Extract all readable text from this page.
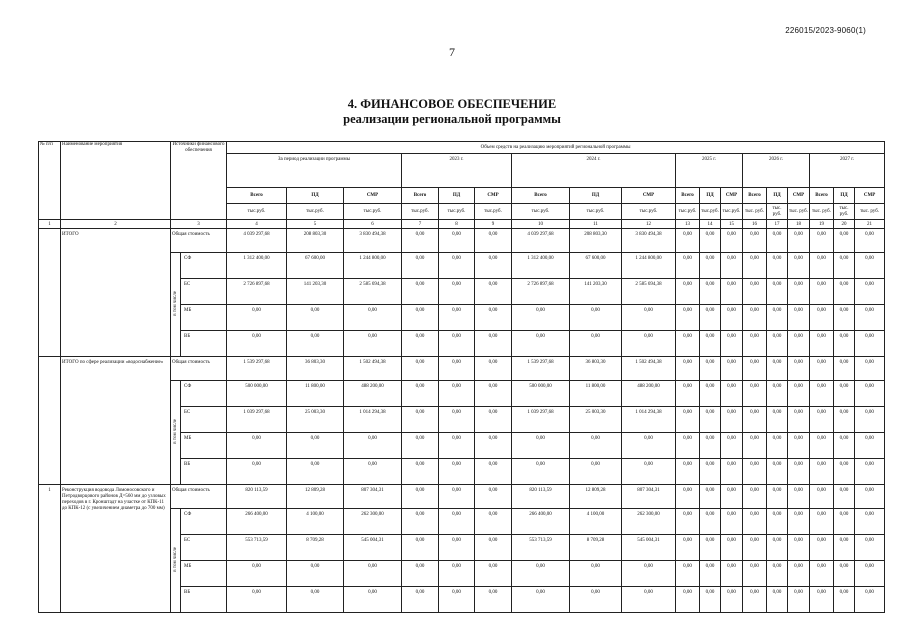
226015/2023-9060(1)
7
4. ФИНАНСОВОЕ ОБЕСПЕЧЕНИЕ
реализации региональной программы
№ п/п	Наименование мероприятия	Источники финансового обеспечения		Объем средств на реализацию мероприятий региональной программы																	
				За период реализации программы			2023 г.			2024 г.			2025 г.			2026 г.			2027 г.		
				Всего	ПД	СМР	Всего	ПД	СМР	Всего	ПД	СМР	Всего	ПД	СМР	Всего	ПД	СМР	Всего	ПД	СМР
				тыс.руб.	тыс.руб.	тыс.руб.	тыс.руб.	тыс.руб.	тыс.руб.	тыс.руб.	тыс.руб.	тыс.руб.	тыс.руб.	тыс.руб.	тыс.руб.	тыс. руб.	тыс. руб.	тыс. руб.	тыс. руб.	тыс. руб.	тыс. руб.
1	2	3		4	5	6	7	8	9	10	11	12	13	14	15	16	17	18	19	20	21
	ИТОГО	Общая стоимость		4 039 297,68	208 803,30	3 830 494,38	0,00	0,00	0,00	4 039 297,68	208 803,30	3 830 494,38	0,00	0,00	0,00	0,00	0,00	0,00	0,00	0,00	0,00
		в том числе	СФ	1 312 400,00	67 600,00	1 244 800,00	0,00	0,00	0,00	1 312 400,00	67 600,00	1 244 800,00	0,00	0,00	0,00	0,00	0,00	0,00	0,00	0,00	0,00
			БС	2 726 897,68	141 203,30	2 585 694,38	0,00	0,00	0,00	2 726 897,68	141 203,30	2 585 694,38	0,00	0,00	0,00	0,00	0,00	0,00	0,00	0,00	0,00
			МБ	0,00	0,00	0,00	0,00	0,00	0,00	0,00	0,00	0,00	0,00	0,00	0,00	0,00	0,00	0,00	0,00	0,00	0,00
			ВБ	0,00	0,00	0,00	0,00	0,00	0,00	0,00	0,00	0,00	0,00	0,00	0,00	0,00	0,00	0,00	0,00	0,00	0,00
	ИТОГО по сфере реализации «водоснабжение»	Общая стоимость		1 539 297,68	36 803,30	1 502 494,38	0,00	0,00	0,00	1 539 297,68	36 803,30	1 502 494,38	0,00	0,00	0,00	0,00	0,00	0,00	0,00	0,00	0,00
		в том числе	СФ	500 000,00	11 800,00	488 200,00	0,00	0,00	0,00	500 000,00	11 800,00	488 200,00	0,00	0,00	0,00	0,00	0,00	0,00	0,00	0,00	0,00
			БС	1 039 297,68	25 003,30	1 014 294,38	0,00	0,00	0,00	1 039 297,68	25 003,30	1 014 294,38	0,00	0,00	0,00	0,00	0,00	0,00	0,00	0,00	0,00
			МБ	0,00	0,00	0,00	0,00	0,00	0,00	0,00	0,00	0,00	0,00	0,00	0,00	0,00	0,00	0,00	0,00	0,00	0,00
			ВБ	0,00	0,00	0,00	0,00	0,00	0,00	0,00	0,00	0,00	0,00	0,00	0,00	0,00	0,00	0,00	0,00	0,00	0,00
1	Реконструкция водовода Ломоносовского и Петродворцового районов Д=560 мм до узловых переходов в г. Кронштадт на участке от КПК-11 до КПК-12 (с увеличением диаметра до 700 мм)	Общая стоимость		820 113,59	12 809,28	807 304,31	0,00	0,00	0,00	820 113,59	12 809,28	807 304,31	0,00	0,00	0,00	0,00	0,00	0,00	0,00	0,00	0,00
		в том числе	СФ	266 400,00	4 100,00	262 300,00	0,00	0,00	0,00	266 400,00	4 100,00	262 300,00	0,00	0,00	0,00	0,00	0,00	0,00	0,00	0,00	0,00
			БС	553 713,59	8 709,28	545 004,31	0,00	0,00	0,00	553 713,59	8 709,28	545 004,31	0,00	0,00	0,00	0,00	0,00	0,00	0,00	0,00	0,00
			МБ	0,00	0,00	0,00	0,00	0,00	0,00	0,00	0,00	0,00	0,00	0,00	0,00	0,00	0,00	0,00	0,00	0,00	0,00
			ВБ	0,00	0,00	0,00	0,00	0,00	0,00	0,00	0,00	0,00	0,00	0,00	0,00	0,00	0,00	0,00	0,00	0,00	0,00
